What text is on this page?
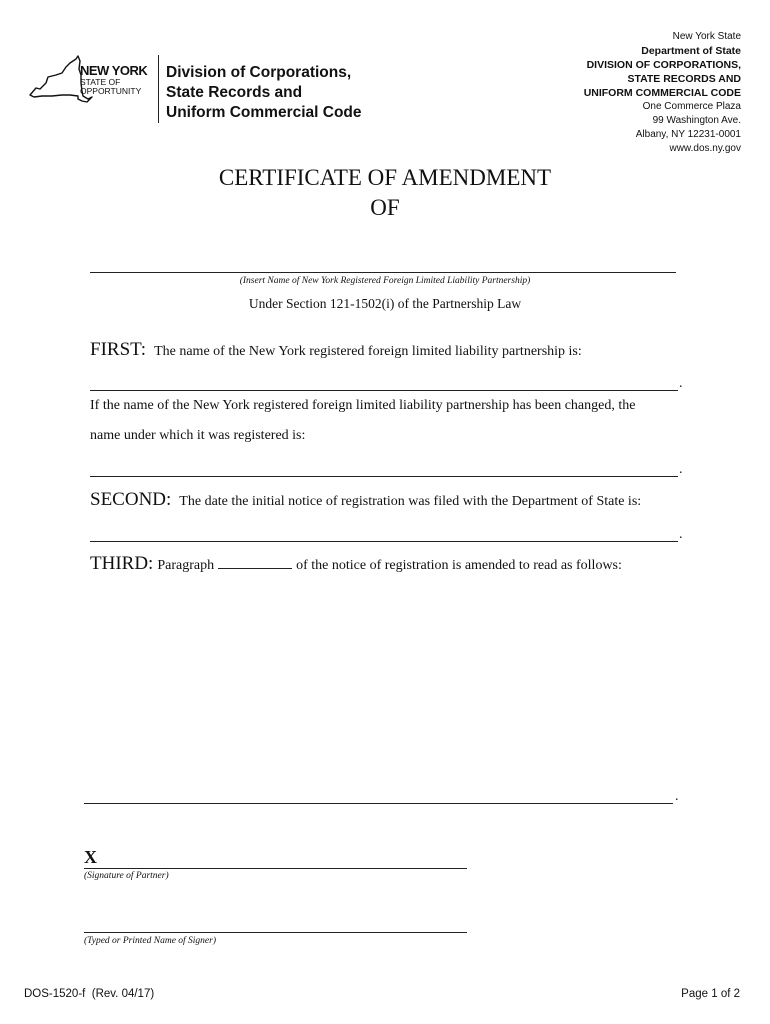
NEW YORK
STATE OF
OPPORTUNITY
Division of Corporations,
State Records and
Uniform Commercial Code
New York State
Department of State
DIVISION OF CORPORATIONS,
STATE RECORDS AND
UNIFORM COMMERCIAL CODE
One Commerce Plaza
99 Washington Ave.
Albany, NY 12231-0001
www.dos.ny.gov
CERTIFICATE OF AMENDMENT
OF
(Insert Name of New York Registered Foreign Limited Liability Partnership)
Under Section 121-1502(i) of the Partnership Law
FIRST: The name of the New York registered foreign limited liability partnership is:
.
If the name of the New York registered foreign limited liability partnership has been changed, the
name under which it was registered is:
.
SECOND: The date the initial notice of registration was filed with the Department of State is:
.
THIRD: Paragraph	of the notice of registration is amended to read as follows:
.
X
(Signature of Partner)
(Typed or Printed Name of Signer)
DOS-1520-f  (Rev. 04/17)	Page 1 of 2
